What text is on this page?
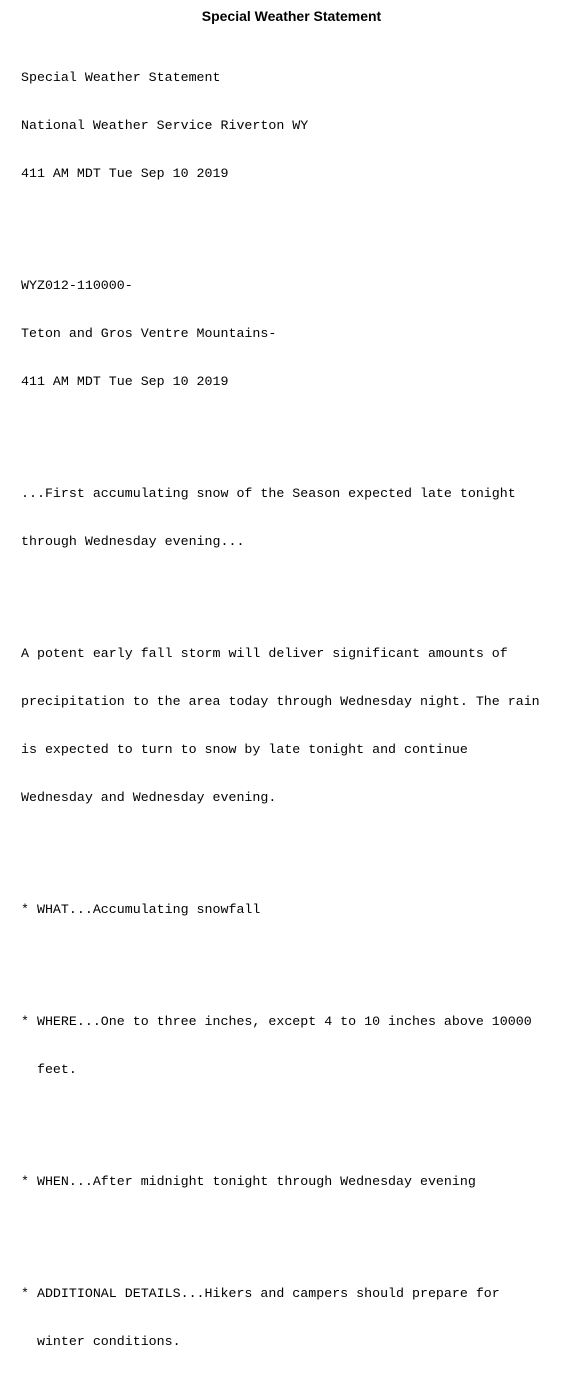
Special Weather Statement

Special Weather Statement

National Weather Service Riverton WY

411 AM MDT Tue Sep 10 2019

WYZ012-110000-

Teton and Gros Ventre Mountains-

411 AM MDT Tue Sep 10 2019

...First accumulating snow of the Season expected late tonight

through Wednesday evening...

A potent early fall storm will deliver significant amounts of

precipitation to the area today through Wednesday night. The rain

is expected to turn to snow by late tonight and continue

Wednesday and Wednesday evening.

* WHAT...Accumulating snowfall

* WHERE...One to three inches, except 4 to 10 inches above 10000

feet.

* WHEN...After midnight tonight through Wednesday evening

* ADDITIONAL DETAILS...Hikers and campers should prepare for

winter conditions.
